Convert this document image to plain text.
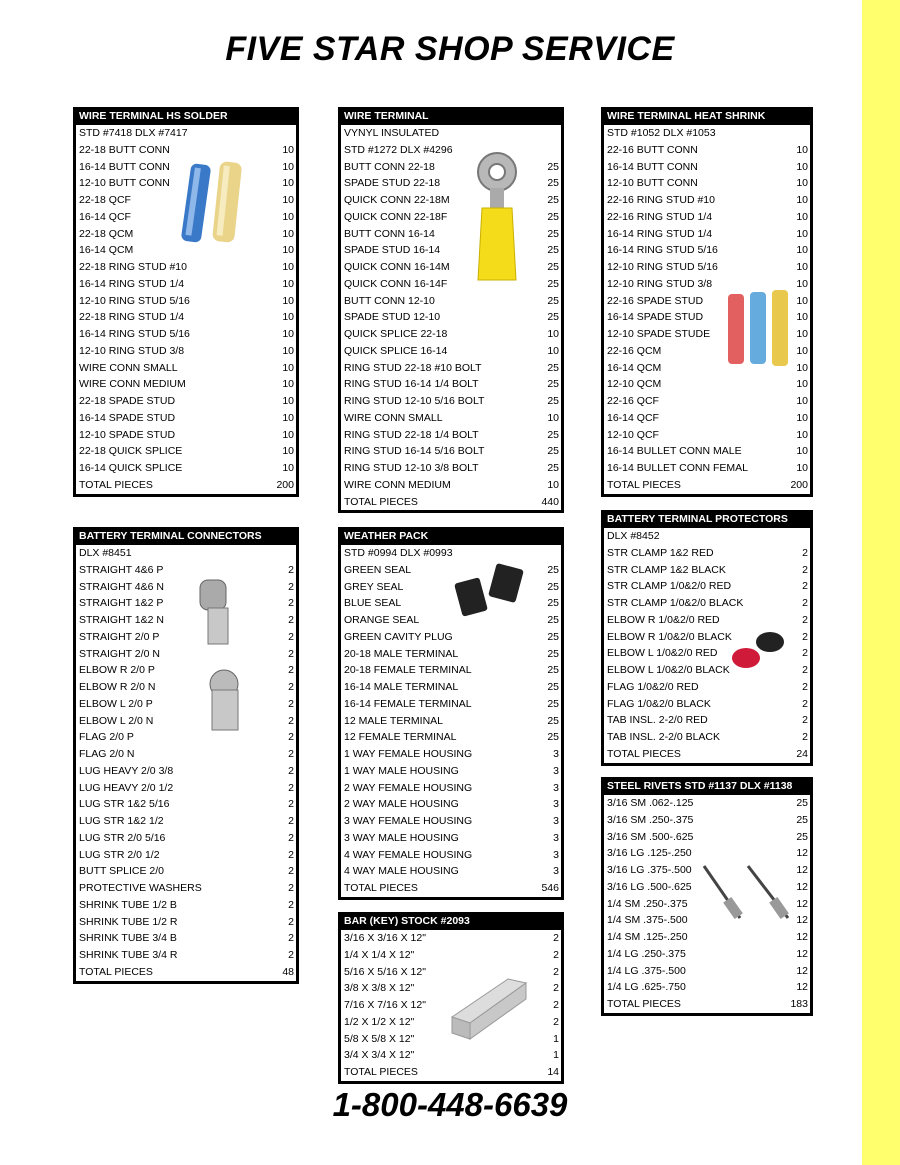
FIVE STAR SHOP SERVICE
WIRE TERMINAL HS SOLDER
STD #7418 DLX #7417
22-18 BUTT CONN	10
16-14 BUTT CONN	10
12-10 BUTT CONN	10
22-18 QCF	10
16-14 QCF	10
22-18 QCM	10
16-14 QCM	10
22-18 RING STUD #10	10
16-14 RING STUD 1/4	10
12-10 RING STUD 5/16	10
22-18 RING STUD 1/4	10
16-14 RING STUD 5/16	10
12-10 RING STUD 3/8	10
WIRE CONN SMALL	10
WIRE CONN MEDIUM	10
22-18 SPADE STUD	10
16-14 SPADE STUD	10
12-10 SPADE STUD	10
22-18 QUICK SPLICE	10
16-14 QUICK SPLICE	10
TOTAL PIECES	200
WIRE TERMINAL
VYNYL INSULATED
STD #1272 DLX #4296
BUTT CONN 22-18	25
SPADE STUD 22-18	25
QUICK CONN 22-18M	25
QUICK CONN 22-18F	25
BUTT CONN 16-14	25
SPADE STUD 16-14	25
QUICK CONN 16-14M	25
QUICK CONN 16-14F	25
BUTT CONN 12-10	25
SPADE STUD 12-10	25
QUICK SPLICE 22-18	10
QUICK SPLICE 16-14	10
RING STUD 22-18 #10 BOLT	25
RING STUD 16-14 1/4 BOLT	25
RING STUD 12-10 5/16 BOLT	25
WIRE CONN SMALL	10
RING STUD 22-18 1/4 BOLT	25
RING STUD 16-14 5/16 BOLT	25
RING STUD 12-10 3/8 BOLT	25
WIRE CONN MEDIUM	10
TOTAL PIECES	440
WIRE TERMINAL HEAT SHRINK
STD #1052 DLX #1053
22-16 BUTT CONN	10
16-14 BUTT CONN	10
12-10 BUTT CONN	10
22-16 RING STUD #10	10
22-16 RING STUD 1/4	10
16-14 RING STUD 1/4	10
16-14 RING STUD 5/16	10
12-10 RING STUD 5/16	10
12-10 RING STUD 3/8	10
22-16 SPADE STUD	10
16-14 SPADE STUD	10
12-10 SPADE STUDE	10
22-16 QCM	10
16-14 QCM	10
12-10 QCM	10
22-16 QCF	10
16-14 QCF	10
12-10 QCF	10
16-14 BULLET CONN MALE	10
16-14 BULLET CONN FEMAL	10
TOTAL PIECES	200
BATTERY TERMINAL CONNECTORS
DLX #8451
STRAIGHT 4&6 P	2
STRAIGHT 4&6 N	2
STRAIGHT 1&2 P	2
STRAIGHT 1&2 N	2
STRAIGHT 2/0 P	2
STRAIGHT 2/0 N	2
ELBOW R 2/0 P	2
ELBOW R 2/0 N	2
ELBOW L 2/0 P	2
ELBOW L 2/0 N	2
FLAG 2/0 P	2
FLAG 2/0 N	2
LUG HEAVY 2/0 3/8	2
LUG HEAVY 2/0 1/2	2
LUG STR 1&2 5/16	2
LUG STR 1&2 1/2	2
LUG STR 2/0 5/16	2
LUG STR 2/0 1/2	2
BUTT SPLICE 2/0	2
PROTECTIVE WASHERS	2
SHRINK TUBE 1/2 B	2
SHRINK TUBE 1/2 R	2
SHRINK TUBE 3/4 B	2
SHRINK TUBE 3/4 R	2
TOTAL PIECES	48
WEATHER PACK
STD #0994 DLX #0993
GREEN SEAL	25
GREY SEAL	25
BLUE SEAL	25
ORANGE SEAL	25
GREEN CAVITY PLUG	25
20-18 MALE TERMINAL	25
20-18 FEMALE TERMINAL	25
16-14 MALE TERMINAL	25
16-14 FEMALE TERMINAL	25
12 MALE TERMINAL	25
12 FEMALE TERMINAL	25
1 WAY FEMALE HOUSING	3
1 WAY MALE HOUSING	3
2 WAY FEMALE HOUSING	3
2 WAY MALE HOUSING	3
3 WAY FEMALE HOUSING	3
3 WAY MALE HOUSING	3
4 WAY FEMALE HOUSING	3
4 WAY MALE HOUSING	3
TOTAL PIECES	546
BATTERY TERMINAL PROTECTORS
DLX #8452
STR CLAMP 1&2 RED	2
STR CLAMP 1&2 BLACK	2
STR CLAMP 1/0&2/0 RED	2
STR CLAMP 1/0&2/0 BLACK	2
ELBOW R 1/0&2/0 RED	2
ELBOW R 1/0&2/0 BLACK	2
ELBOW L 1/0&2/0 RED	2
ELBOW L 1/0&2/0 BLACK	2
FLAG 1/0&2/0 RED	2
FLAG 1/0&2/0 BLACK	2
TAB INSL. 2-2/0 RED	2
TAB INSL. 2-2/0 BLACK	2
TOTAL PIECES	24
STEEL RIVETS STD #1137 DLX #1138
3/16 SM .062-.125	25
3/16 SM .250-.375	25
3/16 SM .500-.625	25
3/16 LG .125-.250	12
3/16 LG .375-.500	12
3/16 LG .500-.625	12
1/4 SM .250-.375	12
1/4 SM .375-.500	12
1/4 SM .125-.250	12
1/4 LG .250-.375	12
1/4 LG .375-.500	12
1/4 LG .625-.750	12
TOTAL PIECES	183
BAR (KEY) STOCK #2093
3/16 X 3/16 X 12"	2
1/4 X 1/4 X 12"	2
5/16 X 5/16 X 12"	2
3/8 X 3/8 X 12"	2
7/16 X 7/16 X 12"	2
1/2 X 1/2 X 12"	2
5/8 X 5/8 X 12"	1
3/4 X 3/4 X 12"	1
TOTAL PIECES	14
1-800-448-6639
